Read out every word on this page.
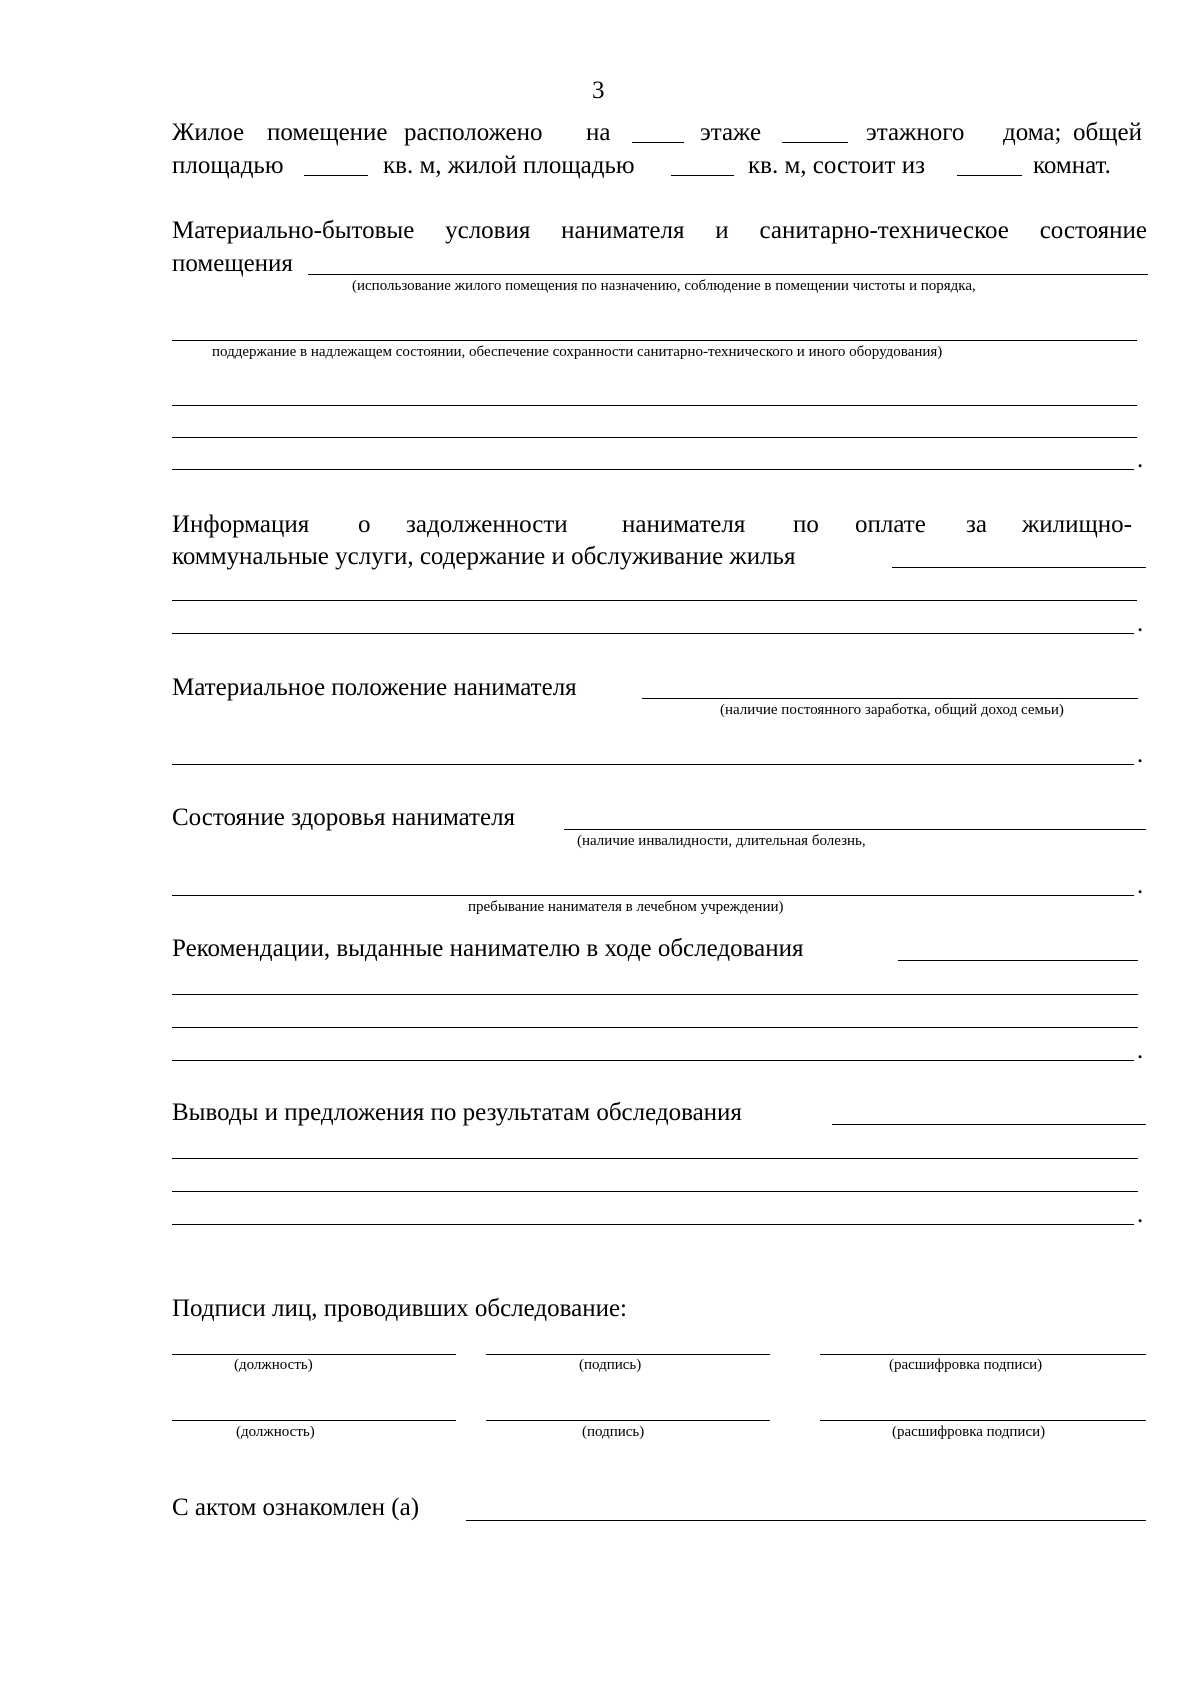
3
Жилое помещение расположено на	этаже	этажного дома; общей
площадью	кв. м, жилой площадью	кв. м, состоит из	комнат.
Материально-бытовые условия нанимателя и санитарно-техническое состояние
помещения
(использование жилого помещения по назначению, соблюдение в помещении чистоты и порядка,
поддержание в надлежащем состоянии, обеспечение сохранности санитарно-технического и иного оборудования)
.
Информация о задолженности нанимателя по оплате за жилищно-
коммунальные услуги, содержание и обслуживание жилья
.
Материальное положение нанимателя
(наличие постоянного заработка, общий доход семьи)
.
Состояние здоровья нанимателя
(наличие инвалидности, длительная болезнь,
.
пребывание нанимателя в лечебном учреждении)
Рекомендации, выданные нанимателю в ходе обследования
.
Выводы и предложения по результатам обследования
.
Подписи лиц, проводивших обследование:
(должность)	(подпись)	(расшифровка подписи)
(должность)	(подпись)	(расшифровка подписи)
С актом ознакомлен (а)
